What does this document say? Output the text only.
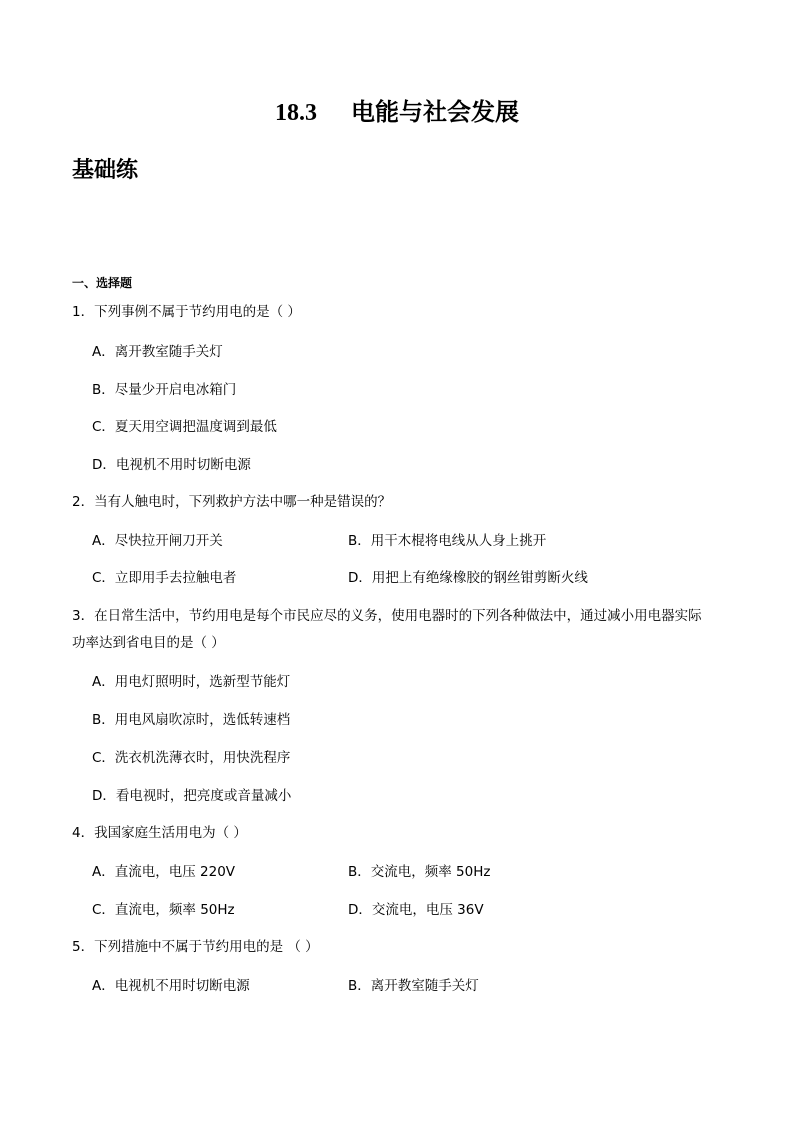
18.3 电能与社会发展
基础练
一、选择题
1．下列事例不属于节约用电的是（ ）
A．离开教室随手关灯
B．尽量少开启电冰箱门
C．夏天用空调把温度调到最低
D．电视机不用时切断电源
2．当有人触电时，下列救护方法中哪一种是错误的？
A．尽快拉开闸刀开关	B．用干木棍将电线从人身上挑开
C．立即用手去拉触电者	D．用把上有绝缘橡胶的钢丝钳剪断火线
3．在日常生活中，节约用电是每个市民应尽的义务，使用电器时的下列各种做法中，通过减小用电器实际
功率达到省电目的是（ ）
A．用电灯照明时，选新型节能灯
B．用电风扇吹凉时，选低转速档
C．洗衣机洗薄衣时，用快洗程序
D．看电视时，把亮度或音量减小
4．我国家庭生活用电为（ ）
A．直流电，电压 220V	B．交流电，频率 50Hz
C．直流电，频率 50Hz	D．交流电，电压 36V
5．下列措施中不属于节约用电的是 （ ）
A．电视机不用时切断电源	B．离开教室随手关灯
